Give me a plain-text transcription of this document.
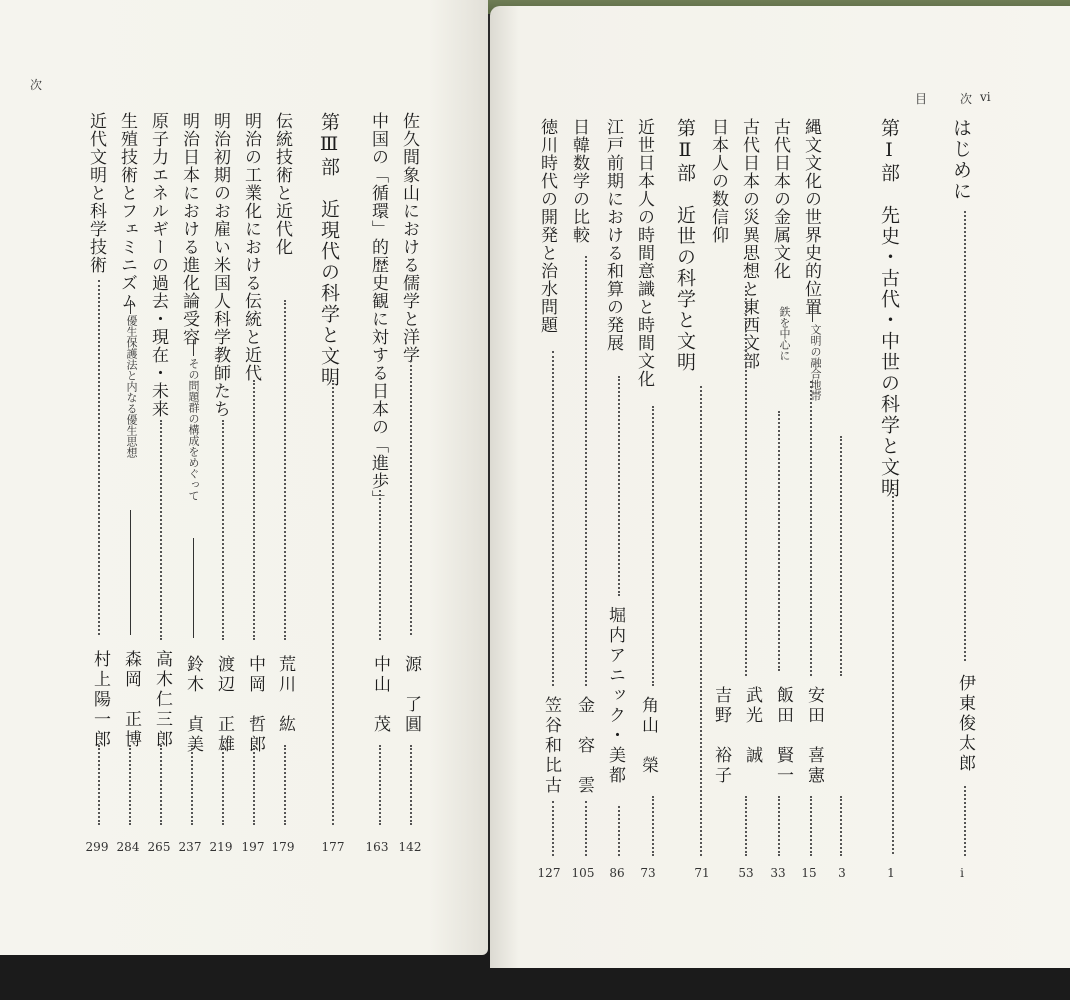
次
佐久間象山における儒学と洋学
源　了圓
142
中国の「循環」的歴史観に対する日本の「進歩」
中山　茂
163
第Ⅲ部　近現代の科学と文明
177
伝統技術と近代化
荒川　紘
179
明治の工業化における伝統と近代
中岡　哲郎
197
明治初期のお雇い米国人科学教師たち
渡辺　正雄
219
明治日本における進化論受容
その問題群の構成をめぐって
鈴木　貞美
237
原子力エネルギーの過去・現在・未来
高木仁三郎
265
生殖技術とフェミニズム
優生保護法と内なる優生思想
森岡　正博
284
近代文明と科学技術
村上陽一郎
299
目	次 vi
はじめに
伊東俊太郎
i
第Ⅰ部　先史・古代・中世の科学と文明
1
縄文文化の世界史的位置
文明の融合地帯
安田　喜憲
3
古代日本の金属文化
鉄を中心に
飯田　賢一
15
古代日本の災異思想と東西文部
武光　誠
33
日本人の数信仰
吉野　裕子
53
第Ⅱ部　近世の科学と文明
71
近世日本人の時間意識と時間文化
角山　榮
73
江戸前期における和算の発展
堀内アニック・美都
86
日韓数学の比較
金　容　雲
105
徳川時代の開発と治水問題
笠谷和比古
127
